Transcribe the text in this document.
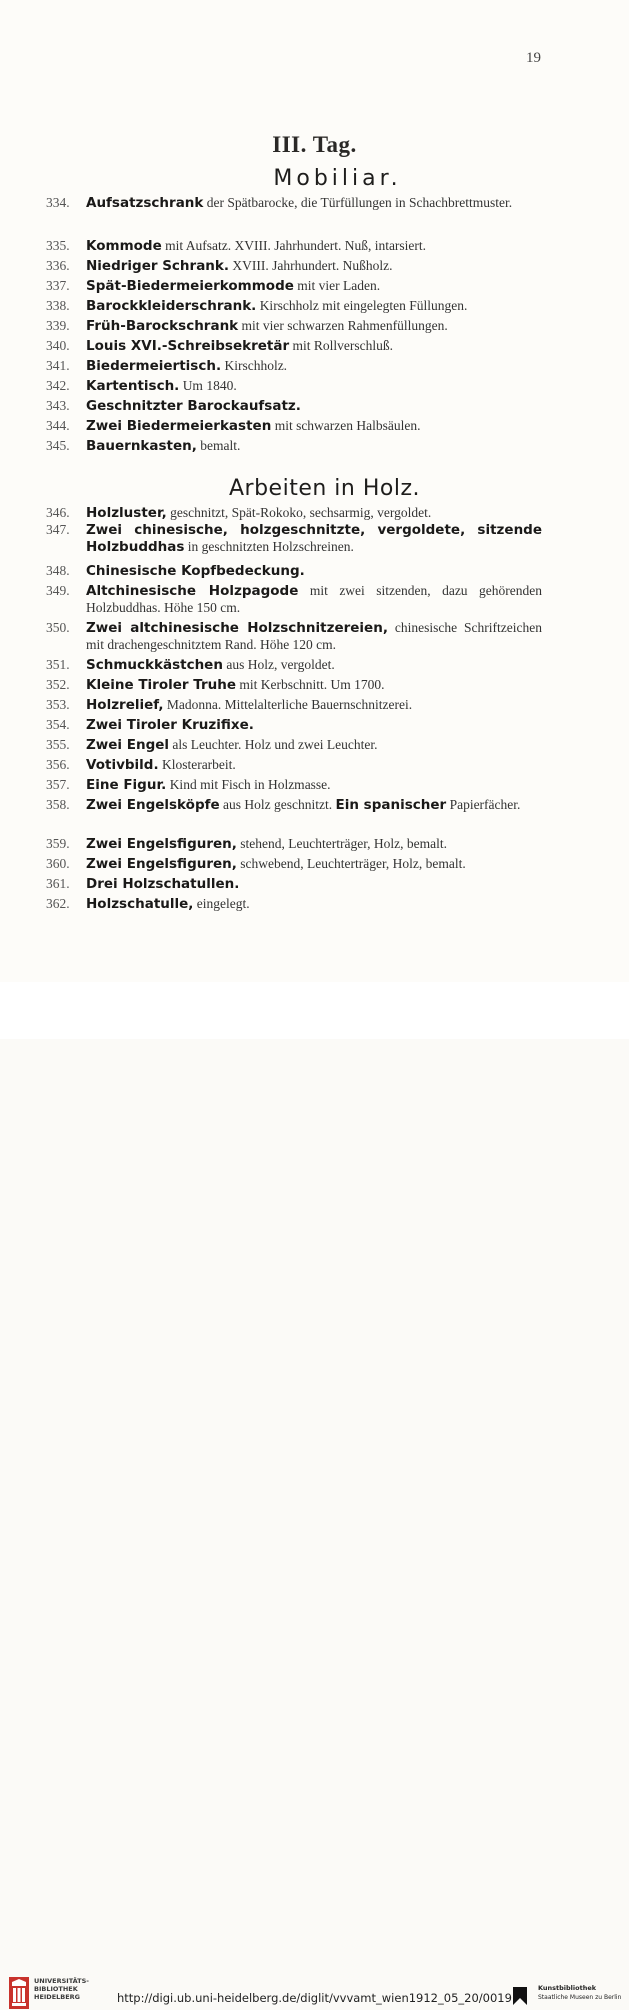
19
III. Tag.
Mobiliar.
334. Aufsatzschrank der Spätbarocke, die Türfüllungen in Schachbrettmuster.
335. Kommode mit Aufsatz. XVIII. Jahrhundert. Nuß, intarsiert.
336. Niedriger Schrank. XVIII. Jahrhundert. Nußholz.
337. Spät-Biedermeierkommode mit vier Laden.
338. Barockkleiderschrank. Kirschholz mit eingelegten Füllungen.
339. Früh-Barockschrank mit vier schwarzen Rahmenfüllungen.
340. Louis XVI.-Schreibsekretär mit Rollverschluß.
341. Biedermeiertisch. Kirschholz.
342. Kartentisch. Um 1840.
343. Geschnitzter Barockaufsatz.
344. Zwei Biedermeierkasten mit schwarzen Halbsäulen.
345. Bauernkasten, bemalt.
Arbeiten in Holz.
346. Holzluster, geschnitzt, Spät-Rokoko, sechsarmig, vergoldet.
347. Zwei chinesische, holzgeschnitzte, vergoldete, sitzende Holzbuddhas in geschnitzten Holzschreinen.
348. Chinesische Kopfbedeckung.
349. Altchinesische Holzpagode mit zwei sitzenden, dazu gehörenden Holzbuddhas. Höhe 150 cm.
350. Zwei altchinesische Holzschnitzereien, chinesische Schriftzeichen mit drachengeschnitztem Rand. Höhe 120 cm.
351. Schmuckkästchen aus Holz, vergoldet.
352. Kleine Tiroler Truhe mit Kerbschnitt. Um 1700.
353. Holzrelief, Madonna. Mittelalterliche Bauernschnitzerei.
354. Zwei Tiroler Kruzifixe.
355. Zwei Engel als Leuchter. Holz und zwei Leuchter.
356. Votivbild. Klosterarbeit.
357. Eine Figur. Kind mit Fisch in Holzmasse.
358. Zwei Engelsköpfe aus Holz geschnitzt. Ein spanischer Papierfächer.
359. Zwei Engelsfiguren, stehend, Leuchterträger, Holz, bemalt.
360. Zwei Engelsfiguren, schwebend, Leuchterträger, Holz, bemalt.
361. Drei Holzschatullen.
362. Holzschatulle, eingelegt.
UNIVERSITÄTS-
BIBLIOTHEK
HEIDELBERG	http://digi.ub.uni-heidelberg.de/diglit/vvvamt_wien1912_05_20/0019
Kunstbibliothek
Staatliche Museen zu Berlin
